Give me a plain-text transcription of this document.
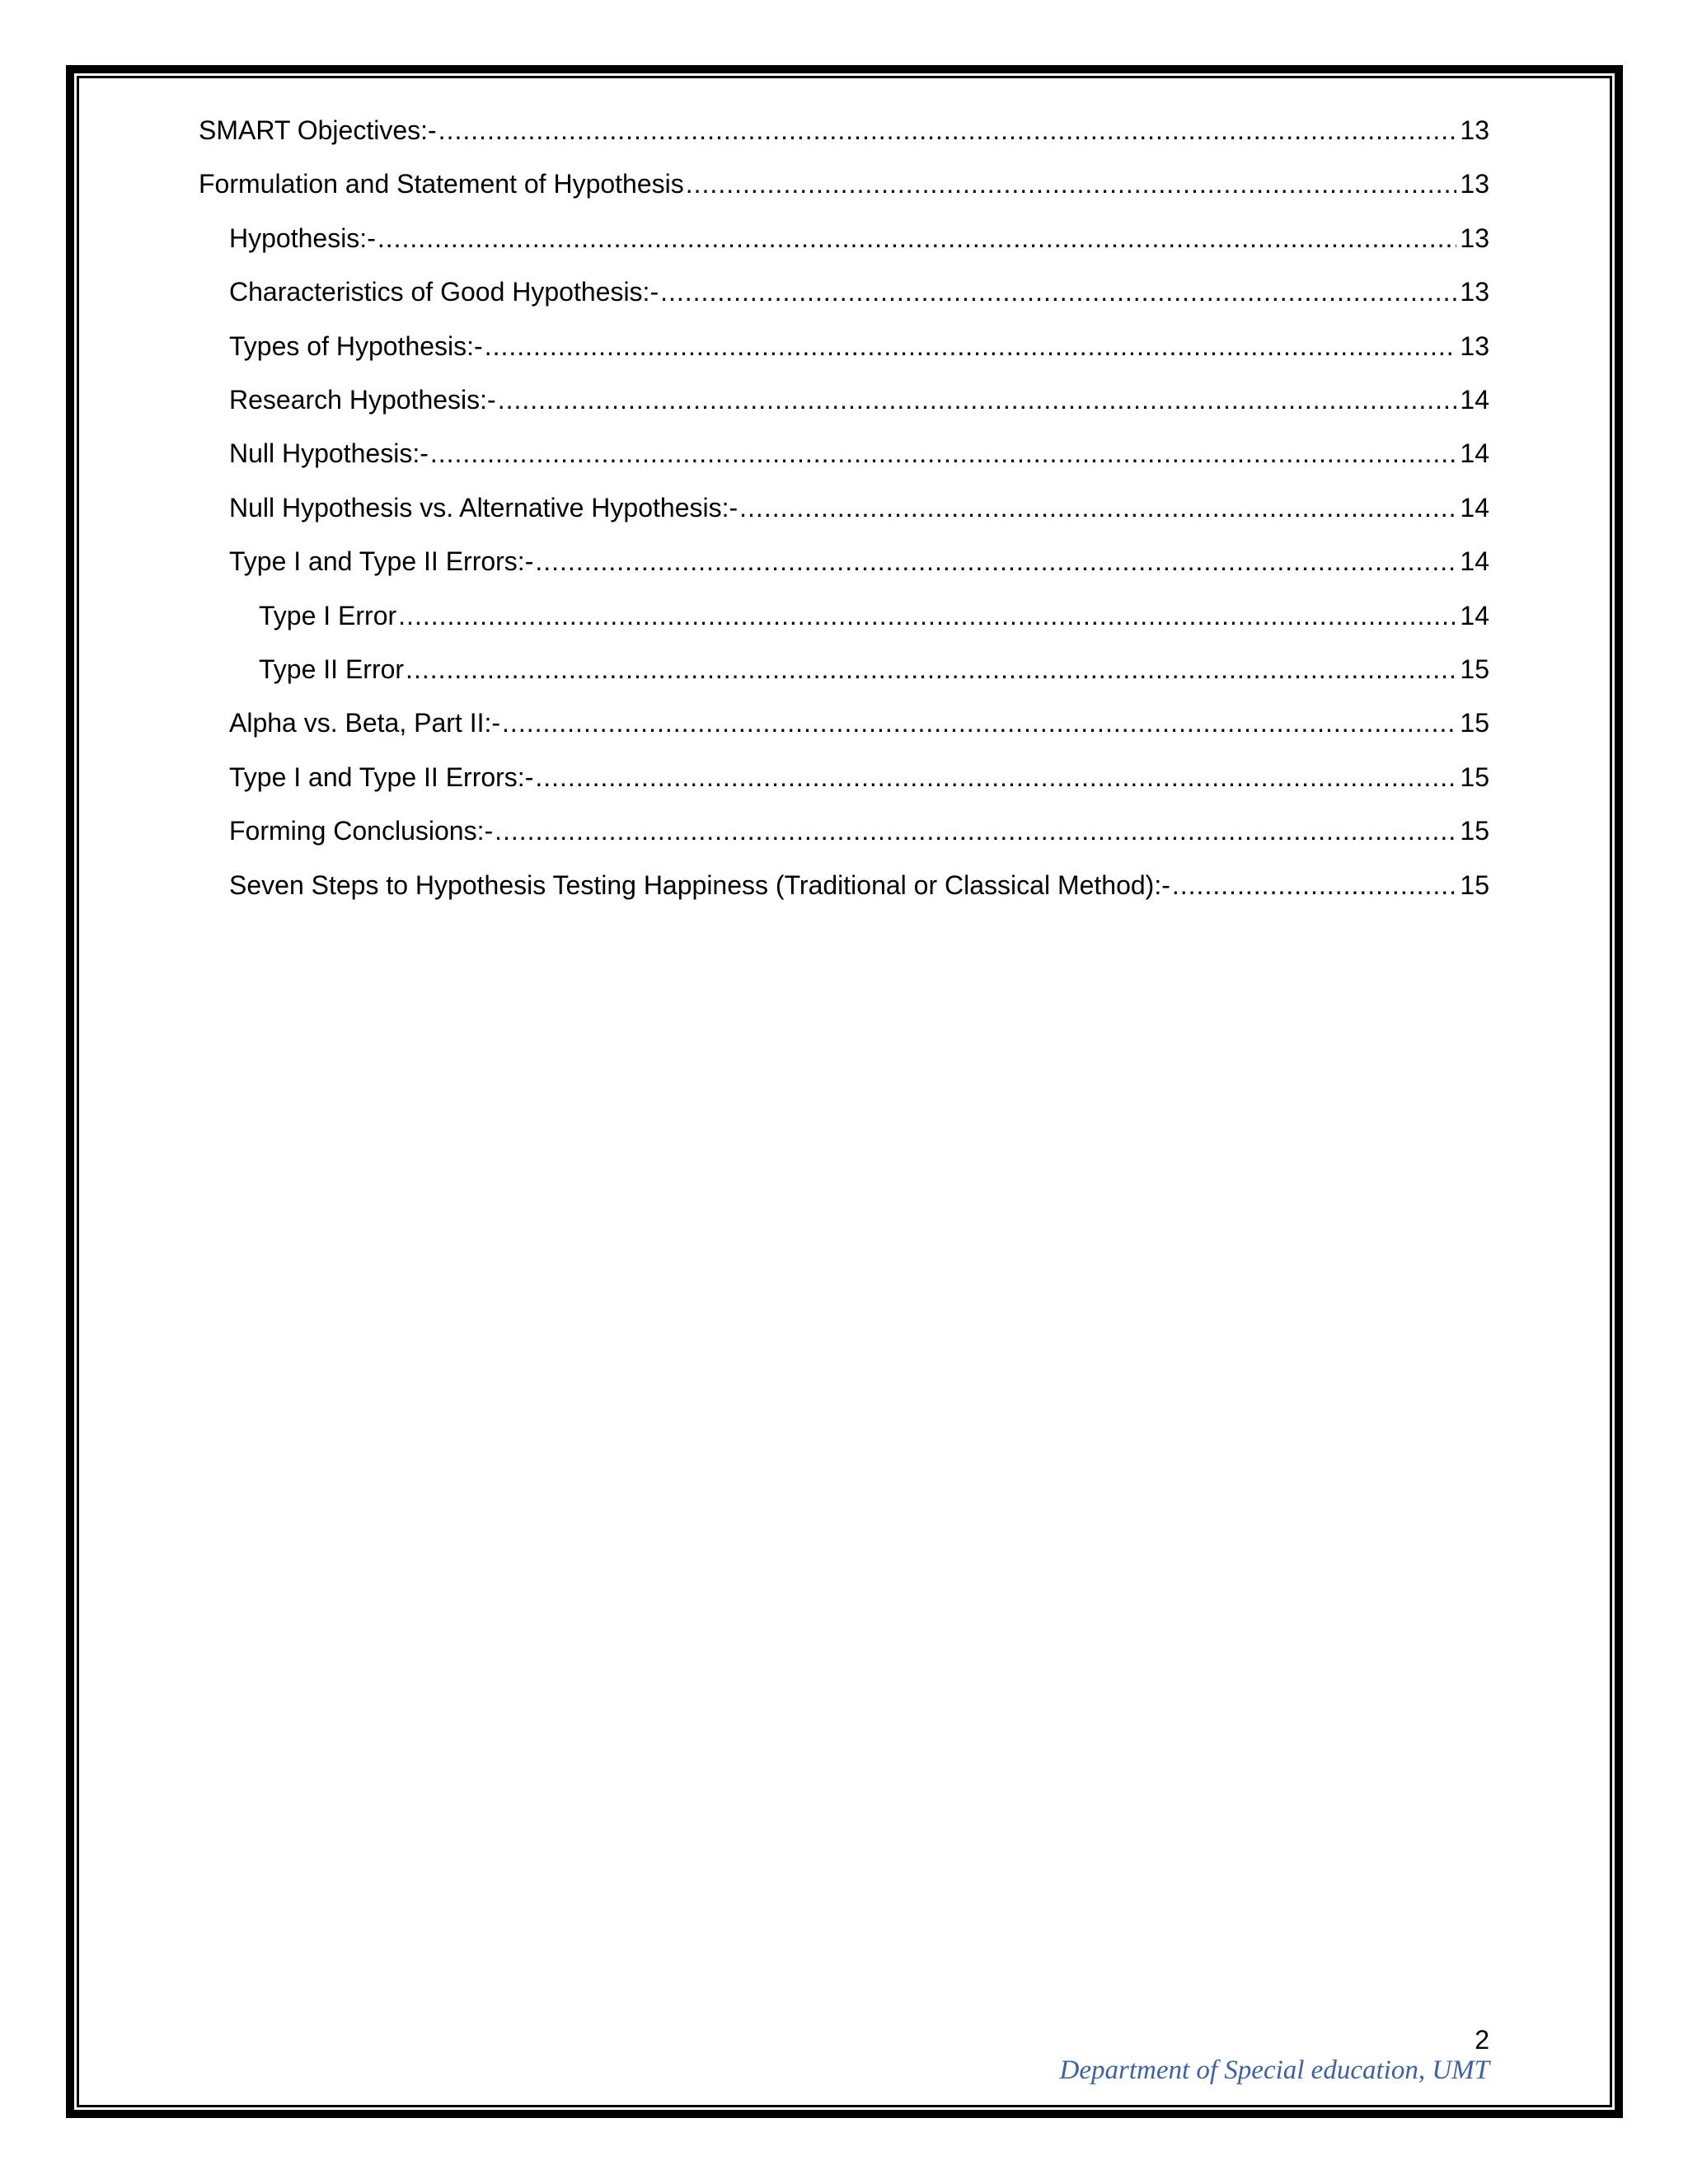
SMART Objectives:- .....	13
Formulation and Statement of Hypothesis .....	13
Hypothesis:- .....	13
Characteristics of Good Hypothesis:- .....	13
Types of Hypothesis:- .....	13
Research Hypothesis:- .....	14
Null Hypothesis:- .....	14
Null Hypothesis vs. Alternative Hypothesis:- .....	14
Type I and Type II Errors:- .....	14
Type I Error .....	14
Type II Error .....	15
Alpha vs. Beta, Part II:- .....	15
Type I and Type II Errors:- .....	15
Forming Conclusions:- .....	15
Seven Steps to Hypothesis Testing Happiness (Traditional or Classical Method):- .....	15
2
Department of Special education, UMT
